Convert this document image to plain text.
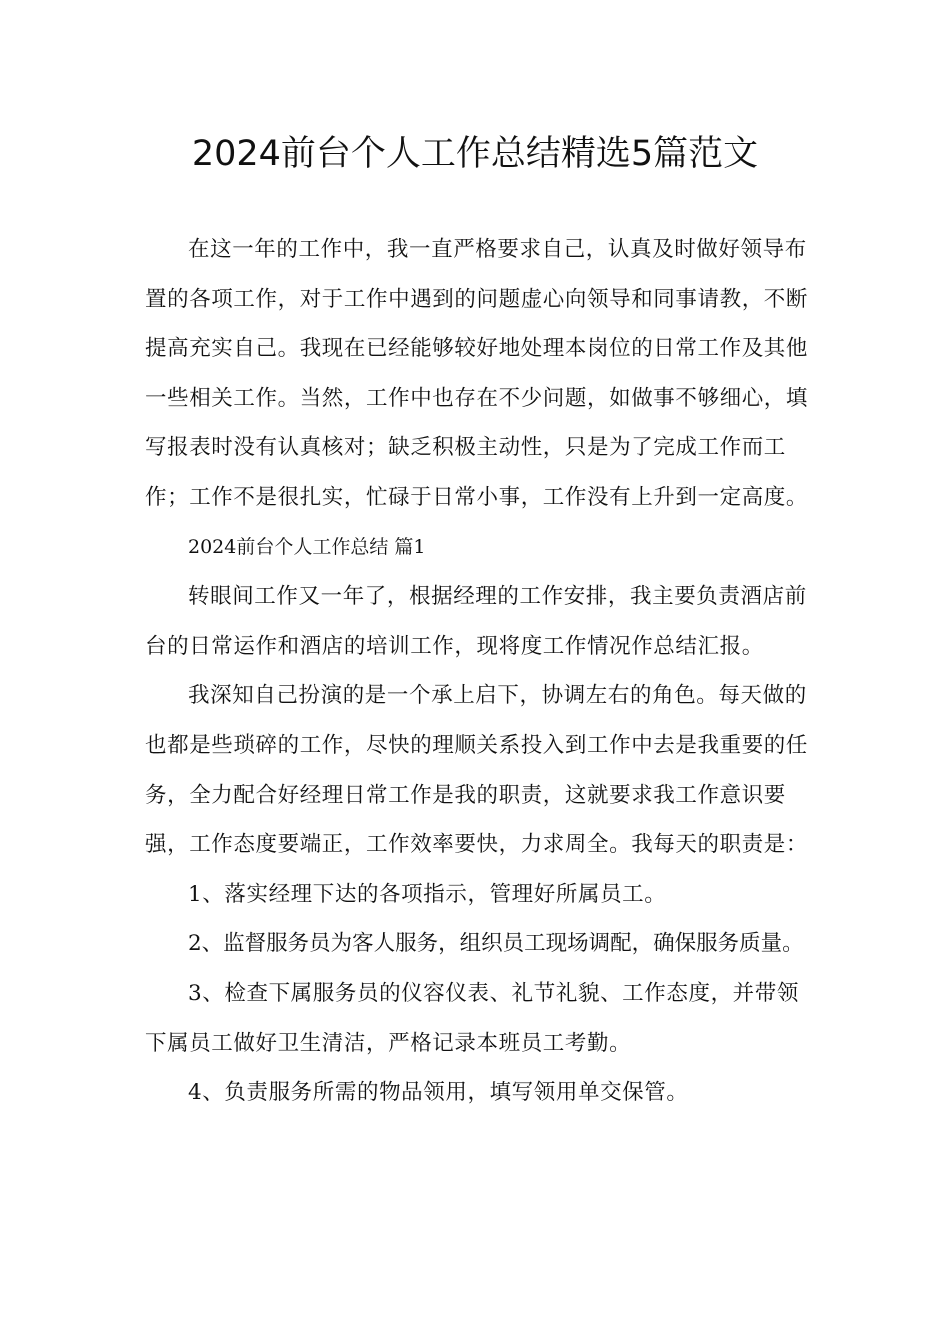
2024前台个人工作总结精选5篇范文

在这一年的工作中，我一直严格要求自己，认真及时做好领导布置的各项工作，对于工作中遇到的问题虚心向领导和同事请教，不断提高充实自己。我现在已经能够较好地处理本岗位的日常工作及其他一些相关工作。当然，工作中也存在不少问题，如做事不够细心，填写报表时没有认真核对；缺乏积极主动性，只是为了完成工作而工作；工作不是很扎实，忙碌于日常小事，工作没有上升到一定高度。

2024前台个人工作总结 篇1

转眼间工作又一年了，根据经理的工作安排，我主要负责酒店前台的日常运作和酒店的培训工作，现将度工作情况作总结汇报。

我深知自己扮演的是一个承上启下，协调左右的角色。每天做的也都是些琐碎的工作，尽快的理顺关系投入到工作中去是我重要的任务，全力配合好经理日常工作是我的职责，这就要求我工作意识要强，工作态度要端正，工作效率要快，力求周全。我每天的职责是：

1、落实经理下达的各项指示，管理好所属员工。

2、监督服务员为客人服务，组织员工现场调配，确保服务质量。

3、检查下属服务员的仪容仪表、礼节礼貌、工作态度，并带领下属员工做好卫生清洁，严格记录本班员工考勤。

4、负责服务所需的物品领用，填写领用单交保管。
